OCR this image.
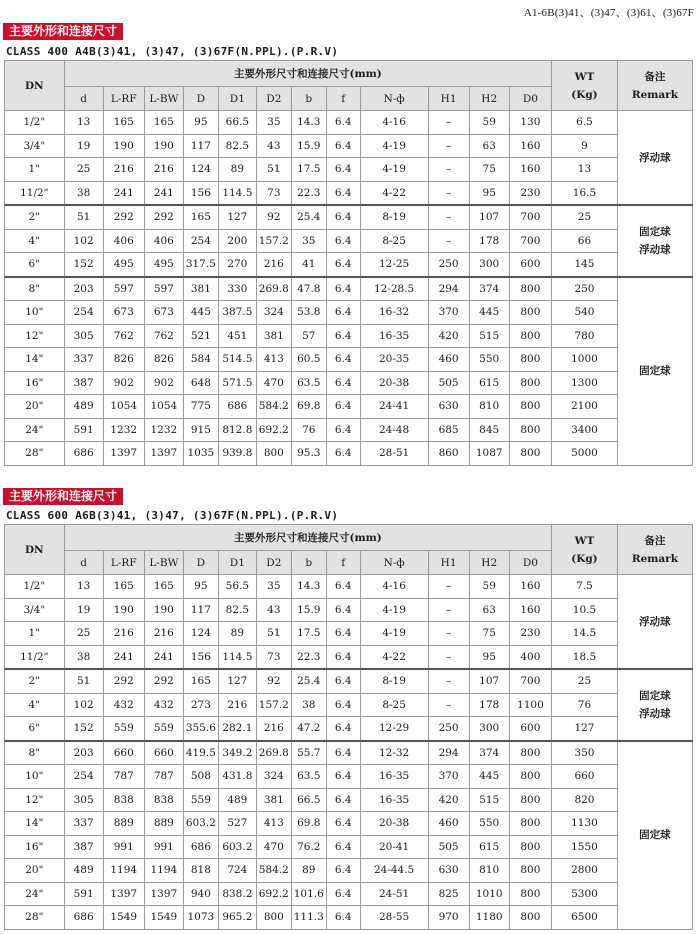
A1-6B(3)41、(3)47、(3)61、(3)67F
主要外形和连接尺寸
CLASS 400 A4B(3)41, (3)47, (3)67F(N.PPL).(P.R.V)
DN	主要外形尺寸和连接尺寸(mm)												WT
(Kg)	备注
Remark

	d	L-RF	L-BW	D	D1	D2	b	f	N-ф	H1	H2	D0		
1/2"	13	165	165	95	66.5	35	14.3	6.4	4-16	–	59	130	6.5	浮动球

3/4"	19	190	190	117	82.5	43	15.9	6.4	4-19	–	63	160	9	
1"	25	216	216	124	89	51	17.5	6.4	4-19	–	75	160	13	
11/2"	38	241	241	156	114.5	73	22.3	6.4	4-22	–	95	230	16.5	
2"	51	292	292	165	127	92	25.4	6.4	8-19	–	107	700	25	固定球
浮动球

4"	102	406	406	254	200	157.2	35	6.4	8-25	–	178	700	66	
6"	152	495	495	317.5	270	216	41	6.4	12-25	250	300	600	145	
8"	203	597	597	381	330	269.8	47.8	6.4	12-28.5	294	374	800	250	固定球

10"	254	673	673	445	387.5	324	53.8	6.4	16-32	370	445	800	540	
12"	305	762	762	521	451	381	57	6.4	16-35	420	515	800	780	
14"	337	826	826	584	514.5	413	60.5	6.4	20-35	460	550	800	1000	
16"	387	902	902	648	571.5	470	63.5	6.4	20-38	505	615	800	1300	
20"	489	1054	1054	775	686	584.2	69.8	6.4	24-41	630	810	800	2100	
24"	591	1232	1232	915	812.8	692.2	76	6.4	24-48	685	845	800	3400	
28"	686	1397	1397	1035	939.8	800	95.3	6.4	28-51	860	1087	800	5000	
主要外形和连接尺寸
CLASS 600 A6B(3)41, (3)47, (3)67F(N.PPL).(P.R.V)
DN	主要外形尺寸和连接尺寸(mm)												WT
(Kg)	备注
Remark

	d	L-RF	L-BW	D	D1	D2	b	f	N-ф	H1	H2	D0		
1/2"	13	165	165	95	56.5	35	14.3	6.4	4-16	–	59	160	7.5	浮动球

3/4"	19	190	190	117	82.5	43	15.9	6.4	4-19	–	63	160	10.5	
1"	25	216	216	124	89	51	17.5	6.4	4-19	–	75	230	14.5	
11/2"	38	241	241	156	114.5	73	22.3	6.4	4-22	–	95	400	18.5	
2"	51	292	292	165	127	92	25.4	6.4	8-19	–	107	700	25	固定球
浮动球

4"	102	432	432	273	216	157.2	38	6.4	8-25	–	178	1100	76	
6"	152	559	559	355.6	282.1	216	47.2	6.4	12-29	250	300	600	127	
8"	203	660	660	419.5	349.2	269.8	55.7	6.4	12-32	294	374	800	350	固定球

10"	254	787	787	508	431.8	324	63.5	6.4	16-35	370	445	800	660	
12"	305	838	838	559	489	381	66.5	6.4	16-35	420	515	800	820	
14"	337	889	889	603.2	527	413	69.8	6.4	20-38	460	550	800	1130	
16"	387	991	991	686	603.2	470	76.2	6.4	20-41	505	615	800	1550	
20"	489	1194	1194	818	724	584.2	89	6.4	24-44.5	630	810	800	2800	
24"	591	1397	1397	940	838.2	692.2	101.6	6.4	24-51	825	1010	800	5300	
28"	686	1549	1549	1073	965.2	800	111.3	6.4	28-55	970	1180	800	6500	
